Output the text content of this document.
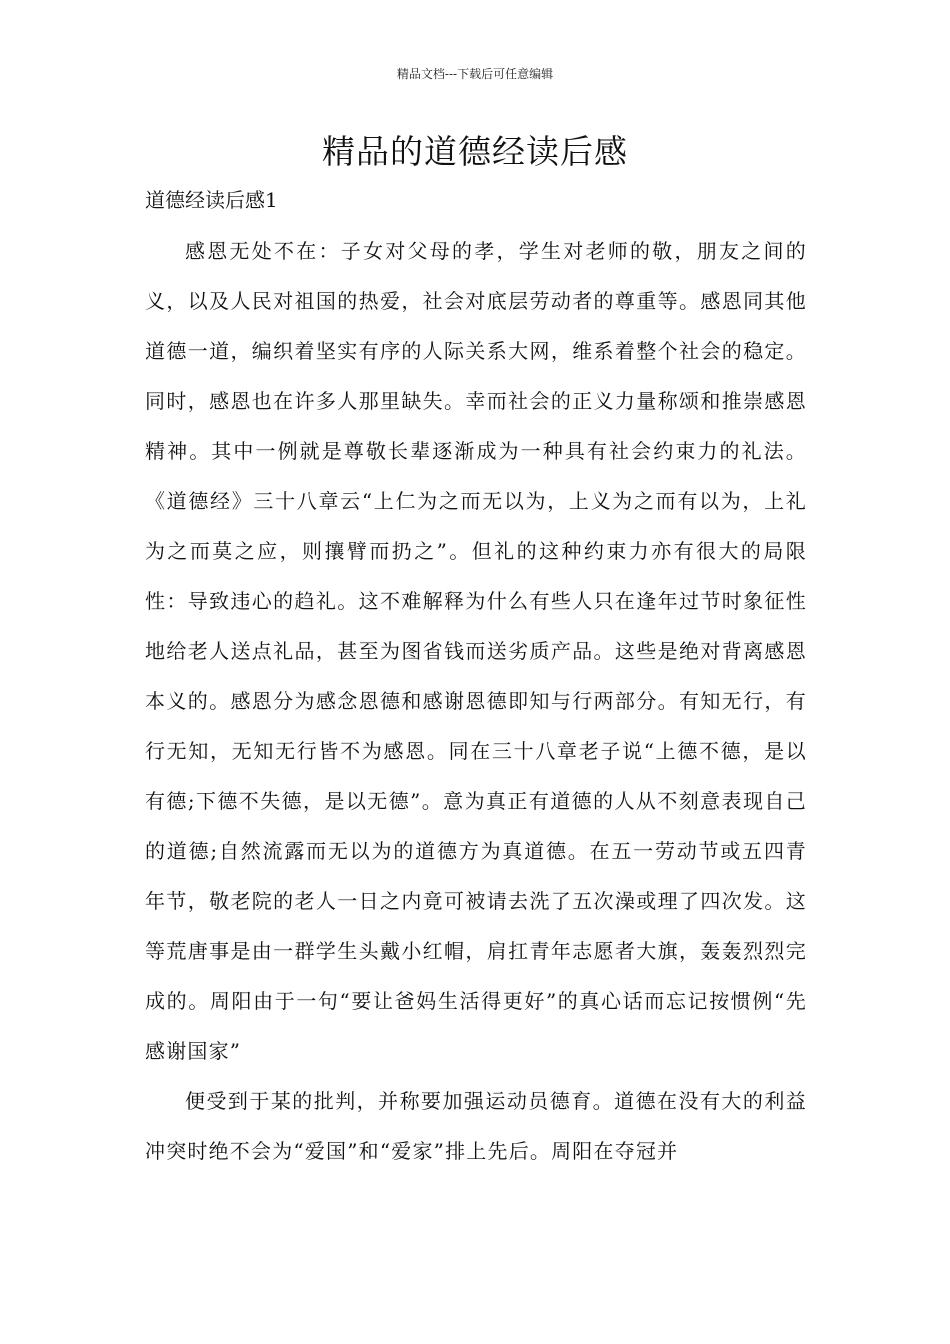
精品文档---下载后可任意编辑
精品的道德经读后感
道德经读后感1

感恩无处不在：子女对父母的孝，学生对老师的敬，朋友之间的义，以及人民对祖国的热爱，社会对底层劳动者的尊重等。感恩同其他道德一道，编织着坚实有序的人际关系大网，维系着整个社会的稳定。同时，感恩也在许多人那里缺失。幸而社会的正义力量称颂和推崇感恩精神。其中一例就是尊敬长辈逐渐成为一种具有社会约束力的礼法。《道德经》三十八章云“上仁为之而无以为，上义为之而有以为，上礼为之而莫之应，则攘臂而扔之”。但礼的这种约束力亦有很大的局限性：导致违心的趋礼。这不难解释为什么有些人只在逢年过节时象征性地给老人送点礼品，甚至为图省钱而送劣质产品。这些是绝对背离感恩本义的。感恩分为感念恩德和感谢恩德即知与行两部分。有知无行，有行无知，无知无行皆不为感恩。同在三十八章老子说“上德不德，是以有德;下德不失德，是以无德”。意为真正有道德的人从不刻意表现自己的道德;自然流露而无以为的道德方为真道德。在五一劳动节或五四青年节，敬老院的老人一日之内竟可被请去洗了五次澡或理了四次发。这等荒唐事是由一群学生头戴小红帽，肩扛青年志愿者大旗，轰轰烈烈完成的。周阳由于一句“要让爸妈生活得更好”的真心话而忘记按惯例“先感谢国家”

便受到于某的批判，并称要加强运动员德育。道德在没有大的利益冲突时绝不会为“爱国”和“爱家”排上先后。周阳在夺冠并
